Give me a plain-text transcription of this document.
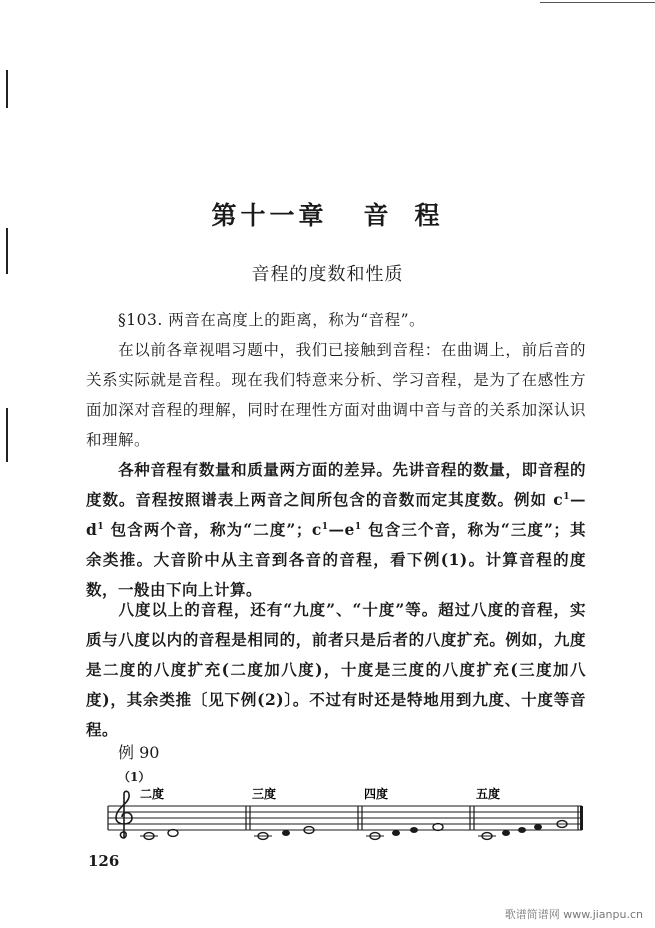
第十一章 音 程
音程的度数和性质
§103. 两音在高度上的距离，称为“音程”。
在以前各章视唱习题中，我们已接触到音程：在曲调上，前后音的关系实际就是音程。现在我们特意来分析、学习音程，是为了在感性方面加深对音程的理解，同时在理性方面对曲调中音与音的关系加深认识和理解。
各种音程有数量和质量两方面的差异。先讲音程的数量，即音程的度数。音程按照谱表上两音之间所包含的音数而定其度数。例如 $c^1—d^1$ 包含两个音，称为“二度”；$c^1—e^1$ 包含三个音，称为“三度”；其余类推。大音阶中从主音到各音的音程，看下例(1)。计算音程的度数，一般由下向上计算。
八度以上的音程，还有“九度”、“十度”等。超过八度的音程，实质与八度以内的音程是相同的，前者只是后者的八度扩充。例如，九度是二度的八度扩充(二度加八度)，十度是三度的八度扩充(三度加八度)，其余类推〔见下例(2)〕。不过有时还是特地用到九度、十度等音程。
例 90
（1）
二度	三度	四度	五度
126
歌谱简谱网 www.jianpu.cn
